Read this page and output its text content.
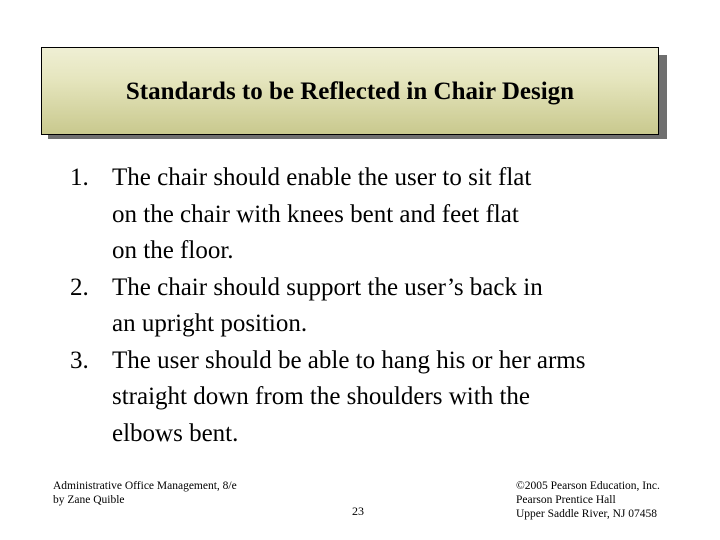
Standards to be Reflected in Chair Design
1. The chair should enable the user to sit flat
on the chair with knees bent and feet flat
on the floor.
2. The chair should support the user’s back in
an upright position.
3. The user should be able to hang his or her arms
straight down from the shoulders with the
elbows bent.
Administrative Office Management, 8/e
by Zane Quible
23
©2005 Pearson Education, Inc.
Pearson Prentice Hall
Upper Saddle River, NJ 07458
